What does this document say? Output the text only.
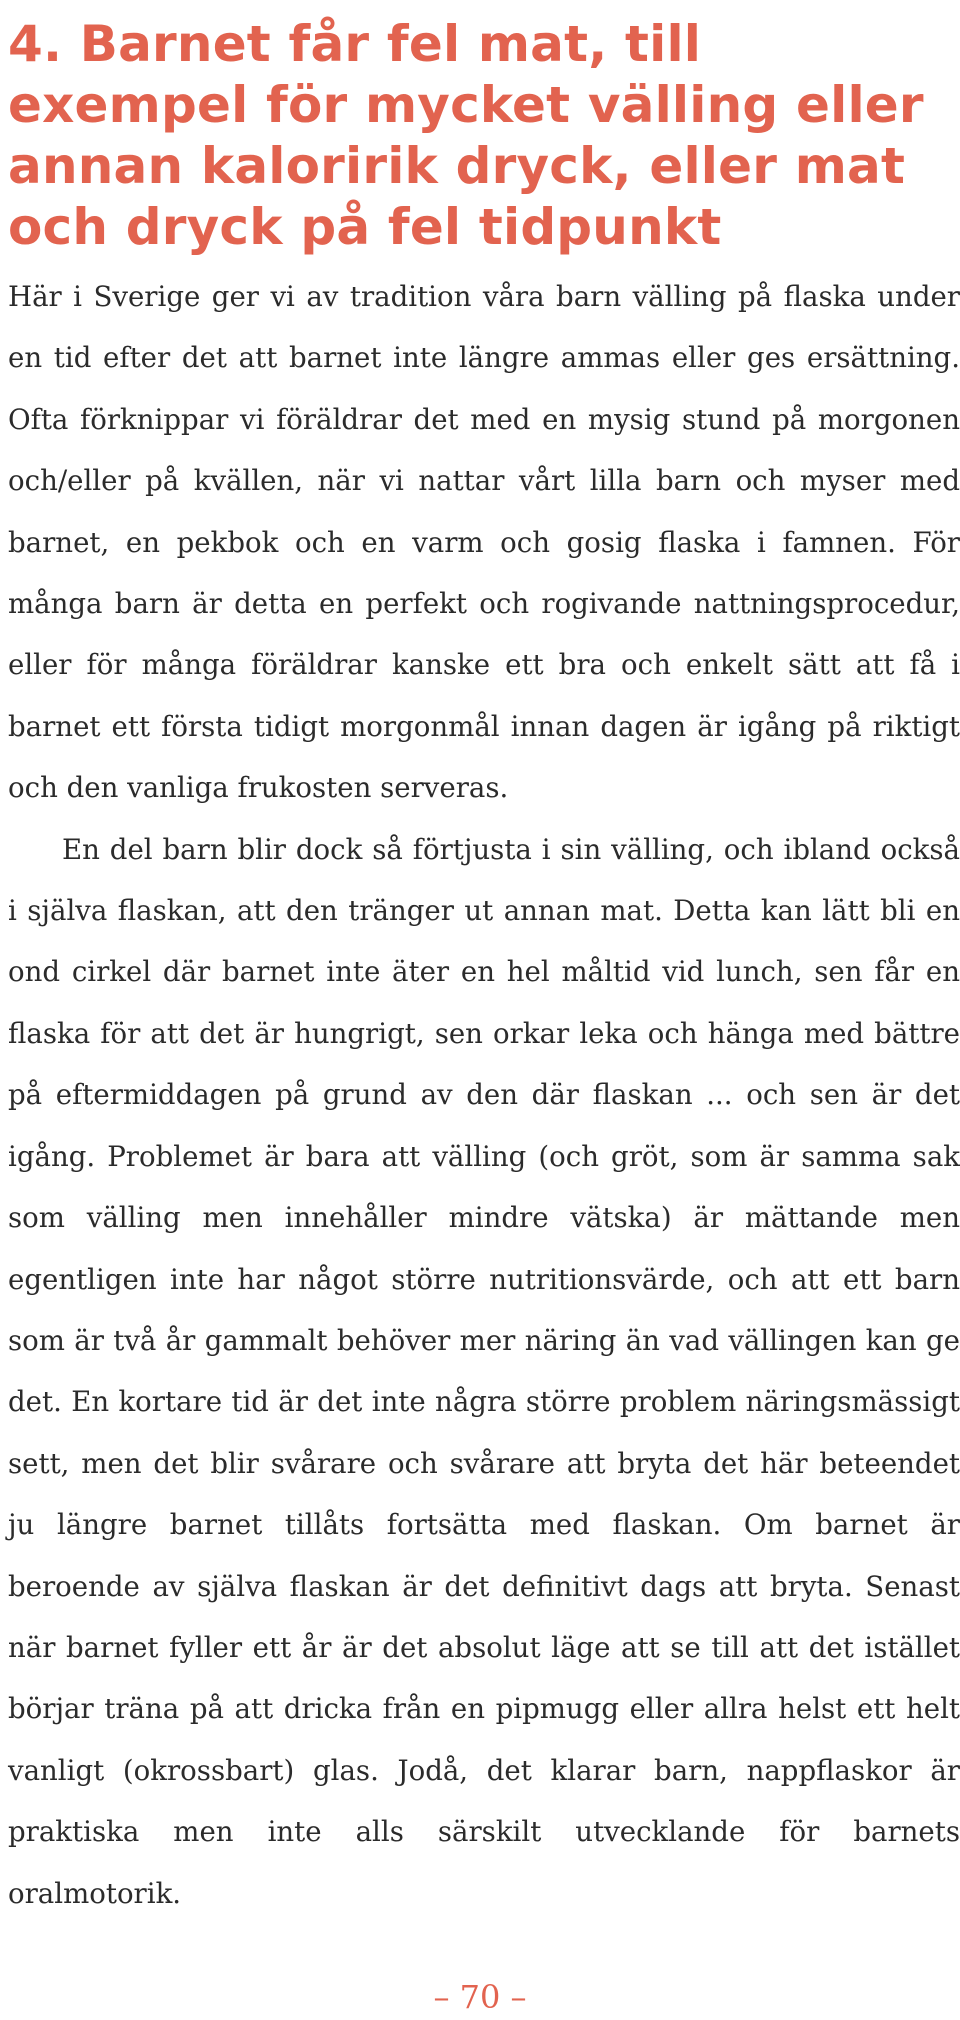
4. Barnet får fel mat, till exempel för mycket välling eller annan kaloririk dryck, eller mat och dryck på fel tidpunkt

Här i Sverige ger vi av tradition våra barn välling på flaska under en tid efter det att barnet inte längre ammas eller ges ersättning. Ofta förknippar vi föräldrar det med en mysig stund på morgonen och/eller på kvällen, när vi nattar vårt lilla barn och myser med barnet, en pekbok och en varm och gosig flaska i famnen. För många barn är detta en perfekt och rogivande nattningsprocedur, eller för många föräldrar kanske ett bra och enkelt sätt att få i barnet ett första tidigt morgonmål innan dagen är igång på riktigt och den vanliga frukosten serveras.

En del barn blir dock så förtjusta i sin välling, och ibland också i själva flaskan, att den tränger ut annan mat. Detta kan lätt bli en ond cirkel där barnet inte äter en hel måltid vid lunch, sen får en flaska för att det är hungrigt, sen orkar leka och hänga med bättre på eftermiddagen på grund av den där flaskan ... och sen är det igång. Problemet är bara att välling (och gröt, som är samma sak som välling men innehåller mindre vätska) är mättande men egentligen inte har något större nutritionsvärde, och att ett barn som är två år gammalt behöver mer näring än vad vällingen kan ge det. En kortare tid är det inte några större problem näringsmässigt sett, men det blir svårare och svårare att bryta det här beteendet ju längre barnet tillåts fortsätta med flaskan. Om barnet är beroende av själva flaskan är det definitivt dags att bryta. Senast när barnet fyller ett år är det absolut läge att se till att det istället börjar träna på att dricka från en pipmugg eller allra helst ett helt vanligt (okrossbart) glas. Jodå, det klarar barn, nappflaskor är praktiska men inte alls särskilt utvecklande för barnets oralmotorik.

– 70 –
